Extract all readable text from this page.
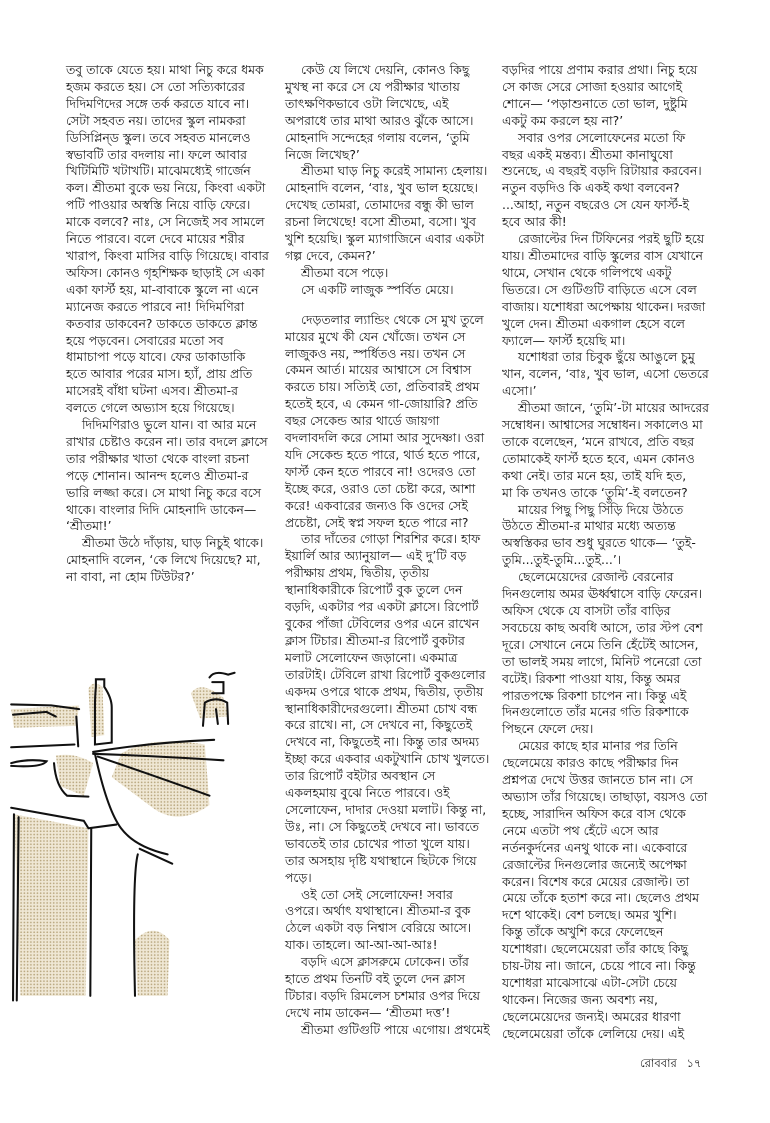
তবু তাকে যেতে হয়। মাথা নিচু করে ধমক
হজম করতে হয়। সে তো সত্যিকারের
দিদিমণিদের সঙ্গে তর্ক করতে যাবে না।
সেটা সহবত নয়। তাদের স্কুল নামকরা
ডিসিপ্লিন্‌ড স্কুল। তবে সহবত মানলেও
স্বভাবটি তার বদলায় না। ফলে আবার
খিটিমিটি খটাখটি। মাঝেমধ্যেই গার্জেন
কল। শ্রীতমা বুকে ভয় নিয়ে, কিংবা একটা
পটি পাওয়ার অস্বস্তি নিয়ে বাড়ি ফেরে।
মাকে বলবে? নাঃ, সে নিজেই সব সামলে
নিতে পারবে। বলে দেবে মায়ের শরীর
খারাপ, কিংবা মাসির বাড়ি গিয়েছে। বাবার
অফিস। কোনও গৃহশিক্ষক ছাড়াই সে একা
একা ফার্স্ট হয়, মা-বাবাকে স্কুলে না এনে
ম্যানেজ করতে পারবে না! দিদিমণিরা
কতবার ডাকবেন? ডাকতে ডাকতে ক্লান্ত
হয়ে পড়বেন। সেবারের মতো সব
ধামাচাপা পড়ে যাবে। ফের ডাকাডাকি
হতে আবার পরের মাস। হ্যাঁ, প্রায় প্রতি
মাসেরই বাঁধা ঘটনা এসব। শ্রীতমা-র
বলতে গেলে অভ্যাস হয়ে গিয়েছে।
দিদিমণিরাও ভুলে যান। বা আর মনে
রাখার চেষ্টাও করেন না। তার বদলে ক্লাসে
তার পরীক্ষার খাতা থেকে বাংলা রচনা
পড়ে শোনান। আনন্দ হলেও শ্রীতমা-র
ভারি লজ্জা করে। সে মাথা নিচু করে বসে
থাকে। বাংলার দিদি মোহনাদি ডাকেন—
‘শ্রীতমা!’
শ্রীতমা উঠে দাঁড়ায়, ঘাড় নিচুই থাকে।
মোহনাদি বলেন, ‘কে লিখে দিয়েছে? মা,
না বাবা, না হোম টিউটর?’
কেউ যে লিখে দেয়নি, কোনও কিছু
মুখস্থ না করে সে যে পরীক্ষার খাতায়
তাৎক্ষণিকভাবে ওটা লিখেছে, এই
অপরাধে তার মাথা আরও ঝুঁকে আসে।
মোহনাদি সন্দেহের গলায় বলেন, ‘তুমি
নিজে লিখেছ?’
শ্রীতমা ঘাড় নিচু করেই সামান্য হেলায়।
মোহনাদি বলেন, ‘বাঃ, খুব ভাল হয়েছে।
দেখেছ তোমরা, তোমাদের বন্ধু কী ভাল
রচনা লিখেছে! বসো শ্রীতমা, বসো। খুব
খুশি হয়েছি। স্কুল ম্যাগাজিনে এবার একটা
গল্প দেবে, কেমন?’
শ্রীতমা বসে পড়ে।
সে একটি লাজুক স্পর্বিত মেয়ে।
দেড়তলার ল্যান্ডিং থেকে সে মুখ তুলে
মায়ের মুখে কী যেন খোঁজে। তখন সে
লাজুকও নয়, স্পর্ধিতও নয়। তখন সে
কেমন আর্ত। মায়ের আশ্বাসে সে বিশ্বাস
করতে চায়। সত্যিই তো, প্রতিবারই প্রথম
হতেই হবে, এ কেমন গা-জোয়ারি? প্রতি
বছর সেকেন্ড আর থার্ডে জায়গা
বদলাবদলি করে সোমা আর সুদেষ্ণা। ওরা
যদি সেকেন্ড হতে পারে, থার্ড হতে পারে,
ফার্স্ট কেন হতে পারবে না! ওদেরও তো
ইচ্ছে করে, ওরাও তো চেষ্টা করে, আশা
করে! একবারের জন্যও কি ওদের সেই
প্রচেষ্টা, সেই স্বপ্ন সফল হতে পারে না?
তার দাঁতের গোড়া শিরশির করে। হাফ
ইয়ার্লি আর অ্যানুয়াল— এই দু’টি বড়
পরীক্ষায় প্রথম, দ্বিতীয়, তৃতীয়
স্থানাধিকারীকে রিপোর্ট বুক তুলে দেন
বড়দি, একটার পর একটা ক্লাসে। রিপোর্ট
বুকের পাঁজা টেবিলের ওপর এনে রাখেন
ক্লাস টিচার। শ্রীতমা-র রিপোর্ট বুকটার
মলাট সেলোফেন জড়ানো। একমাত্র
তারটাই। টেবিলে রাখা রিপোর্ট বুকগুলোর
একদম ওপরে থাকে প্রথম, দ্বিতীয়, তৃতীয়
স্থানাধিকারীদেরগুলো। শ্রীতমা চোখ বন্ধ
করে রাখে। না, সে দেখবে না, কিছুতেই
দেখবে না, কিছুতেই না। কিন্তু তার অদম্য
ইচ্ছা করে একবার একটুখানি চোখ খুলতে।
তার রিপোর্ট বইটার অবস্থান সে
একলহমায় বুঝে নিতে পারবে। ওই
সেলোফেন, দাদার দেওয়া মলাট। কিন্তু না,
উঃ, না। সে কিছুতেই দেখবে না। ভাবতে
ভাবতেই তার চোখের পাতা খুলে যায়।
তার অসহায় দৃষ্টি যথাস্থানে ছিটকে গিয়ে
পড়ে।
ওই তো সেই সেলোফেন! সবার
ওপরে। অর্থাৎ যথাস্থানে। শ্রীতমা-র বুক
ঠেলে একটা বড় নিশ্বাস বেরিয়ে আসে।
যাক। তাহলে। আ-আ-আ-আঃ!
বড়দি এসে ক্লাসরুমে ঢোকেন। তাঁর
হাতে প্রথম তিনটি বই তুলে দেন ক্লাস
টিচার। বড়দি রিমলেস চশমার ওপর দিয়ে
দেখে নাম ডাকেন— ‘শ্রীতমা দত্ত’!
শ্রীতমা গুটিগুটি পায়ে এগোয়। প্রথমেই
বড়দির পায়ে প্রণাম করার প্রথা। নিচু হয়ে
সে কাজ সেরে সোজা হওয়ার আগেই
শোনে— ‘পড়াশুনাতে তো ভাল, দুষ্টুমি
একটু কম করলে হয় না?’
সবার ওপর সেলোফেনের মতো ফি
বছর একই মন্তব্য। শ্রীতমা কানাঘুষো
শুনেছে, এ বছরই বড়দি রিটায়ার করবেন।
নতুন বড়দিও কি একই কথা বলবেন?
...আহা, নতুন বছরেও সে যেন ফার্স্ট-ই
হবে আর কী!
রেজাল্টের দিন টিফিনের পরই ছুটি হয়ে
যায়। শ্রীতমাদের বাড়ি স্কুলের বাস যেখানে
থামে, সেখান থেকে গলিপথে একটু
ভিতরে। সে গুটিগুটি বাড়িতে এসে বেল
বাজায়। যশোধরা অপেক্ষায় থাকেন। দরজা
খুলে দেন। শ্রীতমা একগাল হেসে বলে
ফ্যালে— ফার্স্ট হয়েছি মা।
যশোধরা তার চিবুক ছুঁয়ে আঙুলে চুমু
খান, বলেন, ‘বাঃ, খুব ভাল, এসো ভেতরে
এসো।’
শ্রীতমা জানে, ‘তুমি’-টা মায়ের আদরের
সম্বোধন। আশ্বাসের সম্বোধন। সকালেও মা
তাকে বলেছেন, ‘মনে রাখবে, প্রতি বছর
তোমাকেই ফার্স্ট হতে হবে, এমন কোনও
কথা নেই। তার মনে হয়, তাই যদি হত,
মা কি তখনও তাকে ‘তুমি’-ই বলতেন?
মায়ের পিছু পিছু সিঁড়ি দিয়ে উঠতে
উঠতে শ্রীতমা-র মাথার মধ্যে অত্যন্ত
অস্বস্তিকর ভাব শুধু ঘুরতে থাকে— ‘তুই-
তুমি...তুই-তুমি...তুই...’।
ছেলেমেয়েদের রেজাল্ট বেরনোর
দিনগুলোয় অমর ঊর্ধ্বশ্বাসে বাড়ি ফেরেন।
অফিস থেকে যে বাসটা তাঁর বাড়ির
সবচেয়ে কাছ অবধি আসে, তার স্টপ বেশ
দূরে। সেখানে নেমে তিনি হেঁটেই আসেন,
তা ভালই সময় লাগে, মিনিট পনেরো তো
বটেই। রিকশা পাওয়া যায়, কিন্তু অমর
পারতপক্ষে রিকশা চাপেন না। কিন্তু এই
দিনগুলোতে তাঁর মনের গতি রিকশাকে
পিছনে ফেলে দেয়।
মেয়ের কাছে হার মানার পর তিনি
ছেলেমেয়ে কারও কাছে পরীক্ষার দিন
প্রশ্নপত্র দেখে উত্তর জানতে চান না। সে
অভ্যাস তাঁর গিয়েছে। তাছাড়া, বয়সও তো
হচ্ছে, সারাদিন অফিস করে বাস থেকে
নেমে এতটা পথ হেঁটে এসে আর
নর্তনকুর্দনের এনথু থাকে না। একেবারে
রেজাল্টের দিনগুলোর জন্যেই অপেক্ষা
করেন। বিশেষ করে মেয়ের রেজাল্ট। তা
মেয়ে তাঁকে হতাশ করে না। ছেলেও প্রথম
দশে থাকেই। বেশ চলছে। অমর খুশি।
কিন্তু তাঁকে অখুশি করে ফেলেছেন
যশোধরা। ছেলেমেয়েরা তাঁর কাছে কিছু
চায়-টায় না। জানে, চেয়ে পাবে না। কিন্তু
যশোধরা মাঝেসাঝে এটা-সেটা চেয়ে
থাকেন। নিজের জন্য অবশ্য নয়,
ছেলেমেয়েদের জন্যই। অমরের ধারণা
ছেলেমেয়েরা তাঁকে লেলিয়ে দেয়। এই
রোববার ১৭
